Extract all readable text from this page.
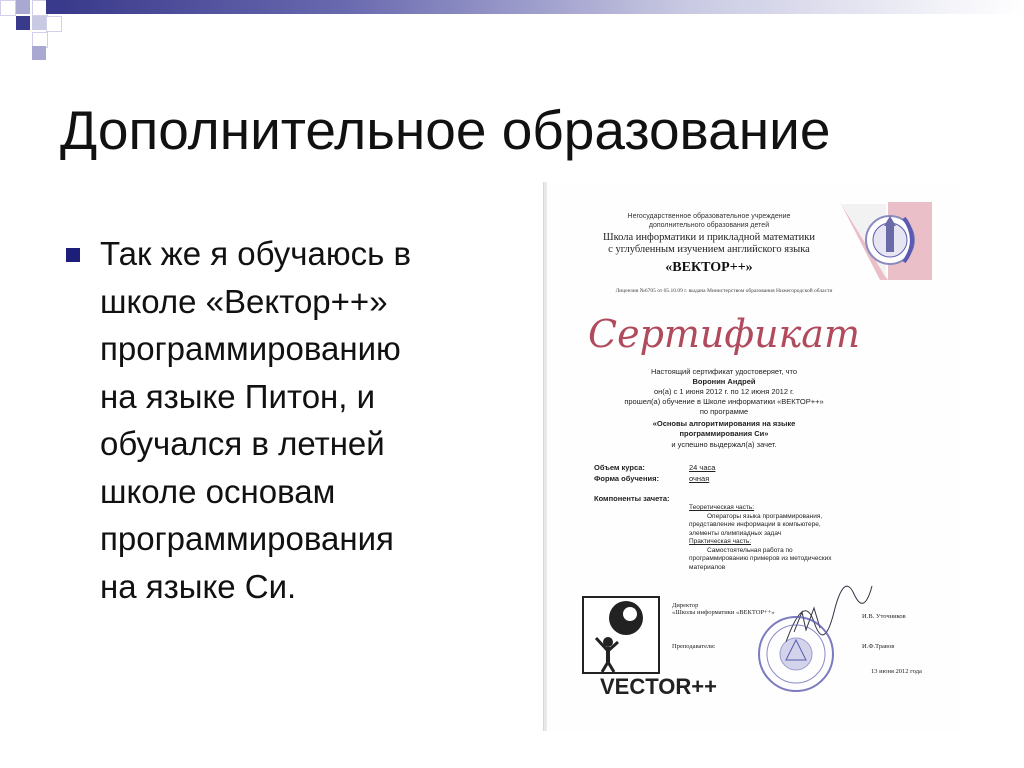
Дополнительное образование
Так же я обучаюсь в
школе «Вектор++»
программированию
на языке Питон, и
обучался в летней
школе основам
программирования
на языке Си.
Негосударственное образовательное учреждение
дополнительного образования детей
Школа информатики и прикладной математики
с углубленным изучением английского языка
«ВЕКТОР++»
Лицензия №6705 от 05.10.09 г. выдана Министерством образования Нижегородской области
Сертификат
Настоящий сертификат удостоверяет, что
Воронин Андрей
он(а) с 1 июня 2012 г. по 12 июня 2012 г.
прошел(а) обучение в Школе информатики «ВЕКТОР++»
по программе
«Основы алгоритмирования на языке
программирования Си»
и успешно выдержал(а) зачет.
Объем курса:	24 часа
Форма обучения:	очная
Компоненты зачета:
Теоретическая часть:
Операторы языка программирования,
представление информации в компьютере,
элементы олимпиадных задач
Практическая часть:
Самостоятельная работа по
программированию примеров из методических
материалов
VECTOR++
Директор
«Школы информатики «ВЕКТОР++»
И.В. Уточников
Преподаватели:	И.Ф.Травов
13 июня 2012 года
